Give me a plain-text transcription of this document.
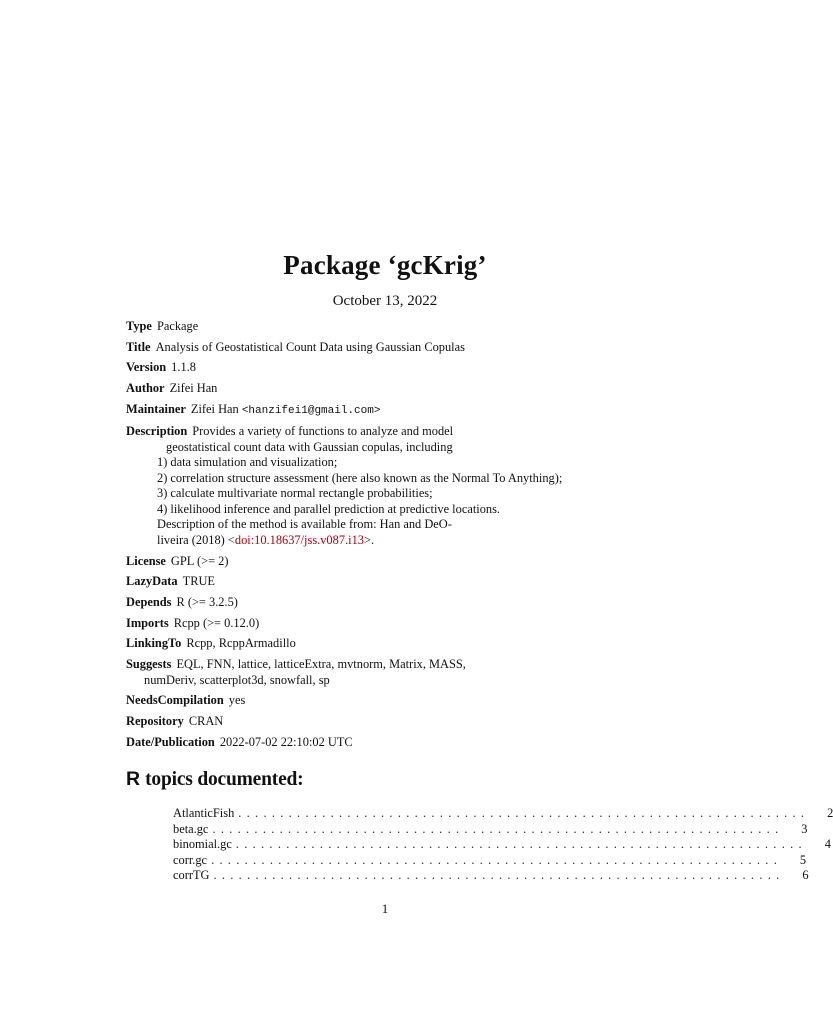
Package ‘gcKrig’
October 13, 2022
Type Package
Title Analysis of Geostatistical Count Data using Gaussian Copulas
Version 1.1.8
Author Zifei Han
Maintainer Zifei Han <hanzifei1@gmail.com>
Description Provides a variety of functions to analyze and model
geostatistical count data with Gaussian copulas, including
1) data simulation and visualization;
2) correlation structure assessment (here also known as the Normal To Anything);
3) calculate multivariate normal rectangle probabilities;
4) likelihood inference and parallel prediction at predictive locations.
Description of the method is available from: Han and DeO-
liveira (2018) <doi:10.18637/jss.v087.i13>.
License GPL (>= 2)
LazyData TRUE
Depends R (>= 3.2.5)
Imports Rcpp (>= 0.12.0)
LinkingTo Rcpp, RcppArmadillo
Suggests EQL, FNN, lattice, latticeExtra, mvtnorm, Matrix, MASS,
numDeriv, scatterplot3d, snowfall, sp
NeedsCompilation yes
Repository CRAN
Date/Publication 2022-07-02 22:10:02 UTC
R topics documented:
AtlanticFish ....................................................................	2
beta.gc ....................................................................	3
binomial.gc ....................................................................	4
corr.gc ....................................................................	5
corrTG ....................................................................	6
1
